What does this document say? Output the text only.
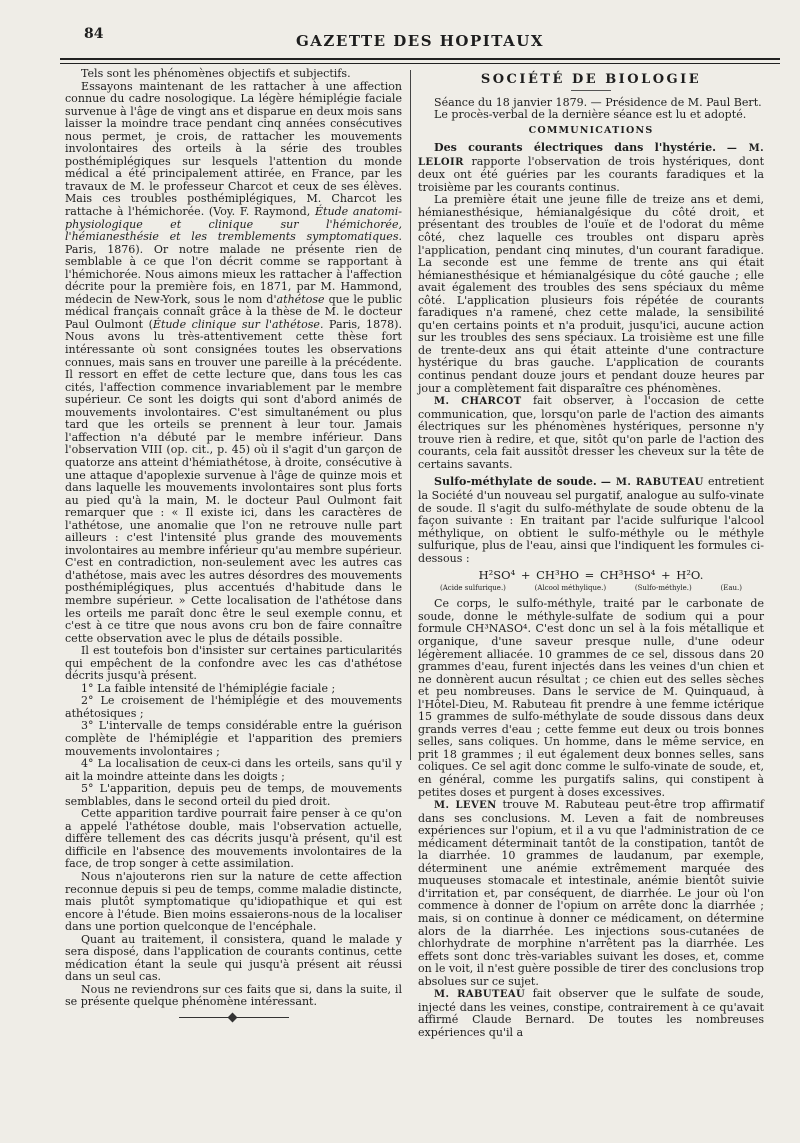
84	GAZETTE DES HOPITAUX

Tels sont les phénomènes objectifs et subjectifs.

Essayons maintenant de les rattacher à une affection connue du cadre nosologique. La légère hémiplégie faciale survenue à l'âge de vingt ans et disparue en deux mois sans laisser la moindre trace pendant cinq années consécutives nous permet, je crois, de rattacher les mouvements involontaires des orteils à la série des troubles posthémiplégiques sur lesquels l'attention du monde médical a été principalement attirée, en France, par les travaux de M. le professeur Charcot et ceux de ses élèves. Mais ces troubles posthémiplégiques, M. Charcot les rattache à l'hémichorée. (Voy. F. Raymond, Étude anatomi-physiologique et clinique sur l'hémichorée, l'hémianesthésie et les tremblements symptomatiques. Paris, 1876). Or notre malade ne présente rien de semblable à ce que l'on décrit comme se rapportant à l'hémichorée. Nous aimons mieux les rattacher à l'affection décrite pour la première fois, en 1871, par M. Hammond, médecin de New-York, sous le nom d'athétose que le public médical français connaît grâce à la thèse de M. le docteur Paul Oulmont (Étude clinique sur l'athétose. Paris, 1878). Nous avons lu très-attentivement cette thèse fort intéressante où sont consignées toutes les observations connues, mais sans en trouver une pareille à la précédente. Il ressort en effet de cette lecture que, dans tous les cas cités, l'affection commence invariablement par le membre supérieur. Ce sont les doigts qui sont d'abord animés de mouvements involontaires. C'est simultanément ou plus tard que les orteils se prennent à leur tour. Jamais l'affection n'a débuté par le membre inférieur. Dans l'observation VIII (op. cit., p. 45) où il s'agit d'un garçon de quatorze ans atteint d'hémiathétose, à droite, consécutive à une attaque d'apoplexie survenue à l'âge de quinze mois et dans laquelle les mouvements involontaires sont plus forts au pied qu'à la main, M. le docteur Paul Oulmont fait remarquer que : « Il existe ici, dans les caractères de l'athétose, une anomalie que l'on ne retrouve nulle part ailleurs : c'est l'intensité plus grande des mouvements involontaires au membre inférieur qu'au membre supérieur. C'est en contradiction, non-seulement avec les autres cas d'athétose, mais avec les autres désordres des mouvements posthémiplégiques, plus accentués d'habitude dans le membre supérieur. » Cette localisation de l'athétose dans les orteils me paraît donc être le seul exemple connu, et c'est à ce titre que nous avons cru bon de faire connaître cette observation avec le plus de détails possible.

Il est toutefois bon d'insister sur certaines particularités qui empêchent de la confondre avec les cas d'athétose décrits jusqu'à présent.

1° La faible intensité de l'hémiplégie faciale ;

2° Le croisement de l'hémiplégie et des mouvements athétosiques ;

3° L'intervalle de temps considérable entre la guérison complète de l'hémiplégie et l'apparition des premiers mouvements involontaires ;

4° La localisation de ceux-ci dans les orteils, sans qu'il y ait la moindre atteinte dans les doigts ;

5° L'apparition, depuis peu de temps, de mouvements semblables, dans le second orteil du pied droit.

Cette apparition tardive pourrait faire penser à ce qu'on a appelé l'athétose double, mais l'observation actuelle, diffère tellement des cas décrits jusqu'à présent, qu'il est difficile en l'absence des mouvements involontaires de la face, de trop songer à cette assimilation.

Nous n'ajouterons rien sur la nature de cette affection reconnue depuis si peu de temps, comme maladie distincte, mais plutôt symptomatique qu'idiopathique et qui est encore à l'étude. Bien moins essaierons-nous de la localiser dans une portion quelconque de l'encéphale.

Quant au traitement, il consistera, quand le malade y sera disposé, dans l'application de courants continus, cette médication étant la seule qui jusqu'à présent ait réussi dans un seul cas.

Nous ne reviendrons sur ces faits que si, dans la suite, il se présente quelque phénomène intéressant.

SOCIÉTÉ DE BIOLOGIE

Séance du 18 janvier 1879. — Présidence de M. Paul Bert.

Le procès-verbal de la dernière séance est lu et adopté.

COMMUNICATIONS

Des courants électriques dans l'hystérie. — M. LELOIR rapporte l'observation de trois hystériques, dont deux ont été guéries par les courants faradiques et la troisième par les courants continus.

La première était une jeune fille de treize ans et demi, hémianesthésique, hémianalgésique du côté droit, et présentant des troubles de l'ouïe et de l'odorat du même côté, chez laquelle ces troubles ont disparu après l'application, pendant cinq minutes, d'un courant faradique. La seconde est une femme de trente ans qui était hémianesthésique et hémianalgésique du côté gauche ; elle avait également des troubles des sens spéciaux du même côté. L'application plusieurs fois répétée de courants faradiques n'a ramené, chez cette malade, la sensibilité qu'en certains points et n'a produit, jusqu'ici, aucune action sur les troubles des sens spéciaux. La troisième est une fille de trente-deux ans qui était atteinte d'une contracture hystérique du bras gauche. L'application de courants continus pendant douze jours et pendant douze heures par jour a complètement fait disparaître ces phénomènes.

M. CHARCOT fait observer, à l'occasion de cette communication, que, lorsqu'on parle de l'action des aimants électriques sur les phénomènes hystériques, personne n'y trouve rien à redire, et que, sitôt qu'on parle de l'action des courants, cela fait aussitôt dresser les cheveux sur la tête de certains savants.

Sulfo-méthylate de soude. — M. RABUTEAU entretient la Société d'un nouveau sel purgatif, analogue au sulfo-vinate de soude. Il s'agit du sulfo-méthylate de soude obtenu de la façon suivante : En traitant par l'acide sulfurique l'alcool méthylique, on obtient le sulfo-méthyle ou le méthyle sulfurique, plus de l'eau, ainsi que l'indiquent les formules ci-dessous :

H²SO⁴ + CH³HO = CH³HSO⁴ + H²O.

(Acide sulfurique.)	(Alcool méthylique.)	(Sulfo-méthyle.)	(Eau.)

Ce corps, le sulfo-méthyle, traité par le carbonate de soude, donne le méthyle-sulfate de sodium qui a pour formule CH³NASO⁴. C'est donc un sel à la fois métallique et organique, d'une saveur presque nulle, d'une odeur légèrement alliacée. 10 grammes de ce sel, dissous dans 20 grammes d'eau, furent injectés dans les veines d'un chien et ne donnèrent aucun résultat ; ce chien eut des selles sèches et peu nombreuses. Dans le service de M. Quinquaud, à l'Hôtel-Dieu, M. Rabuteau fit prendre à une femme ictérique 15 grammes de sulfo-méthylate de soude dissous dans deux grands verres d'eau ; cette femme eut deux ou trois bonnes selles, sans coliques. Un homme, dans le même service, en prit 18 grammes ; il eut également deux bonnes selles, sans coliques. Ce sel agit donc comme le sulfo-vinate de soude, et, en général, comme les purgatifs salins, qui constipent à petites doses et purgent à doses excessives.

M. LEVEN trouve M. Rabuteau peut-être trop affirmatif dans ses conclusions. M. Leven a fait de nombreuses expériences sur l'opium, et il a vu que l'administration de ce médicament déterminait tantôt de la constipation, tantôt de la diarrhée. 10 grammes de laudanum, par exemple, déterminent une anémie extrêmement marquée des muqueuses stomacale et intestinale, anémie bientôt suivie d'irritation et, par conséquent, de diarrhée. Le jour où l'on commence à donner de l'opium on arrête donc la diarrhée ; mais, si on continue à donner ce médicament, on détermine alors de la diarrhée. Les injections sous-cutanées de chlorhydrate de morphine n'arrêtent pas la diarrhée. Les effets sont donc très-variables suivant les doses, et, comme on le voit, il n'est guère possible de tirer des conclusions trop absolues sur ce sujet.

M. RABUTEAU fait observer que le sulfate de soude, injecté dans les veines, constipe, contrairement à ce qu'avait affirmé Claude Bernard. De toutes les nombreuses expériences qu'il a
